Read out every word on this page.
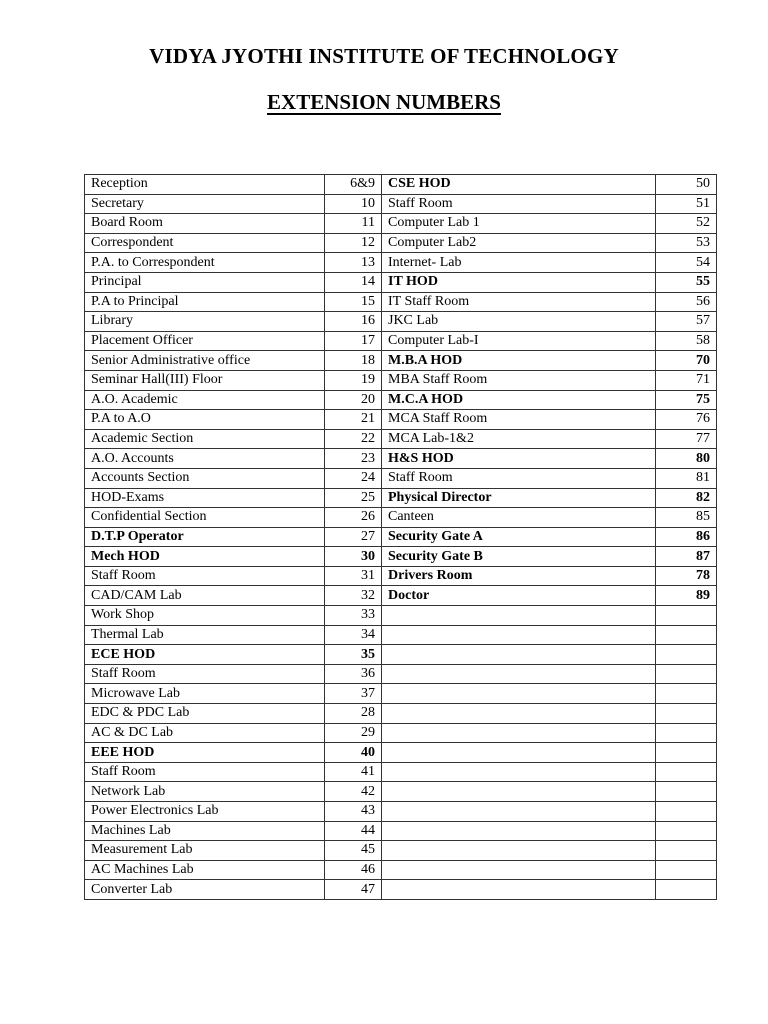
VIDYA JYOTHI INSTITUTE OF TECHNOLOGY
EXTENSION NUMBERS
Reception	6&9	CSE HOD	50
Secretary	10	Staff Room	51
Board Room	11	Computer Lab 1	52
Correspondent	12	Computer Lab2	53
P.A. to Correspondent	13	Internet- Lab	54
Principal	14	IT HOD	55
P.A to Principal	15	IT Staff Room	56
Library	16	JKC Lab	57
Placement Officer	17	Computer Lab-I	58
Senior Administrative office	18	M.B.A HOD	70
Seminar Hall(III) Floor	19	MBA Staff Room	71
A.O. Academic	20	M.C.A HOD	75
P.A to A.O	21	MCA Staff Room	76
Academic Section	22	MCA Lab-1&2	77
A.O. Accounts	23	H&S HOD	80
Accounts Section	24	Staff Room	81
HOD-Exams	25	Physical Director	82
Confidential Section	26	Canteen	85
D.T.P Operator	27	Security Gate A	86
Mech HOD	30	Security Gate B	87
Staff Room	31	Drivers Room	78
CAD/CAM Lab	32	Doctor	89
Work Shop	33		
Thermal Lab	34		
ECE HOD	35		
Staff Room	36		
Microwave Lab	37		
EDC & PDC Lab	28		
AC & DC Lab	29		
EEE HOD	40		
Staff Room	41		
Network Lab	42		
Power Electronics Lab	43		
Machines Lab	44		
Measurement Lab	45		
AC Machines Lab	46		
Converter Lab	47		
